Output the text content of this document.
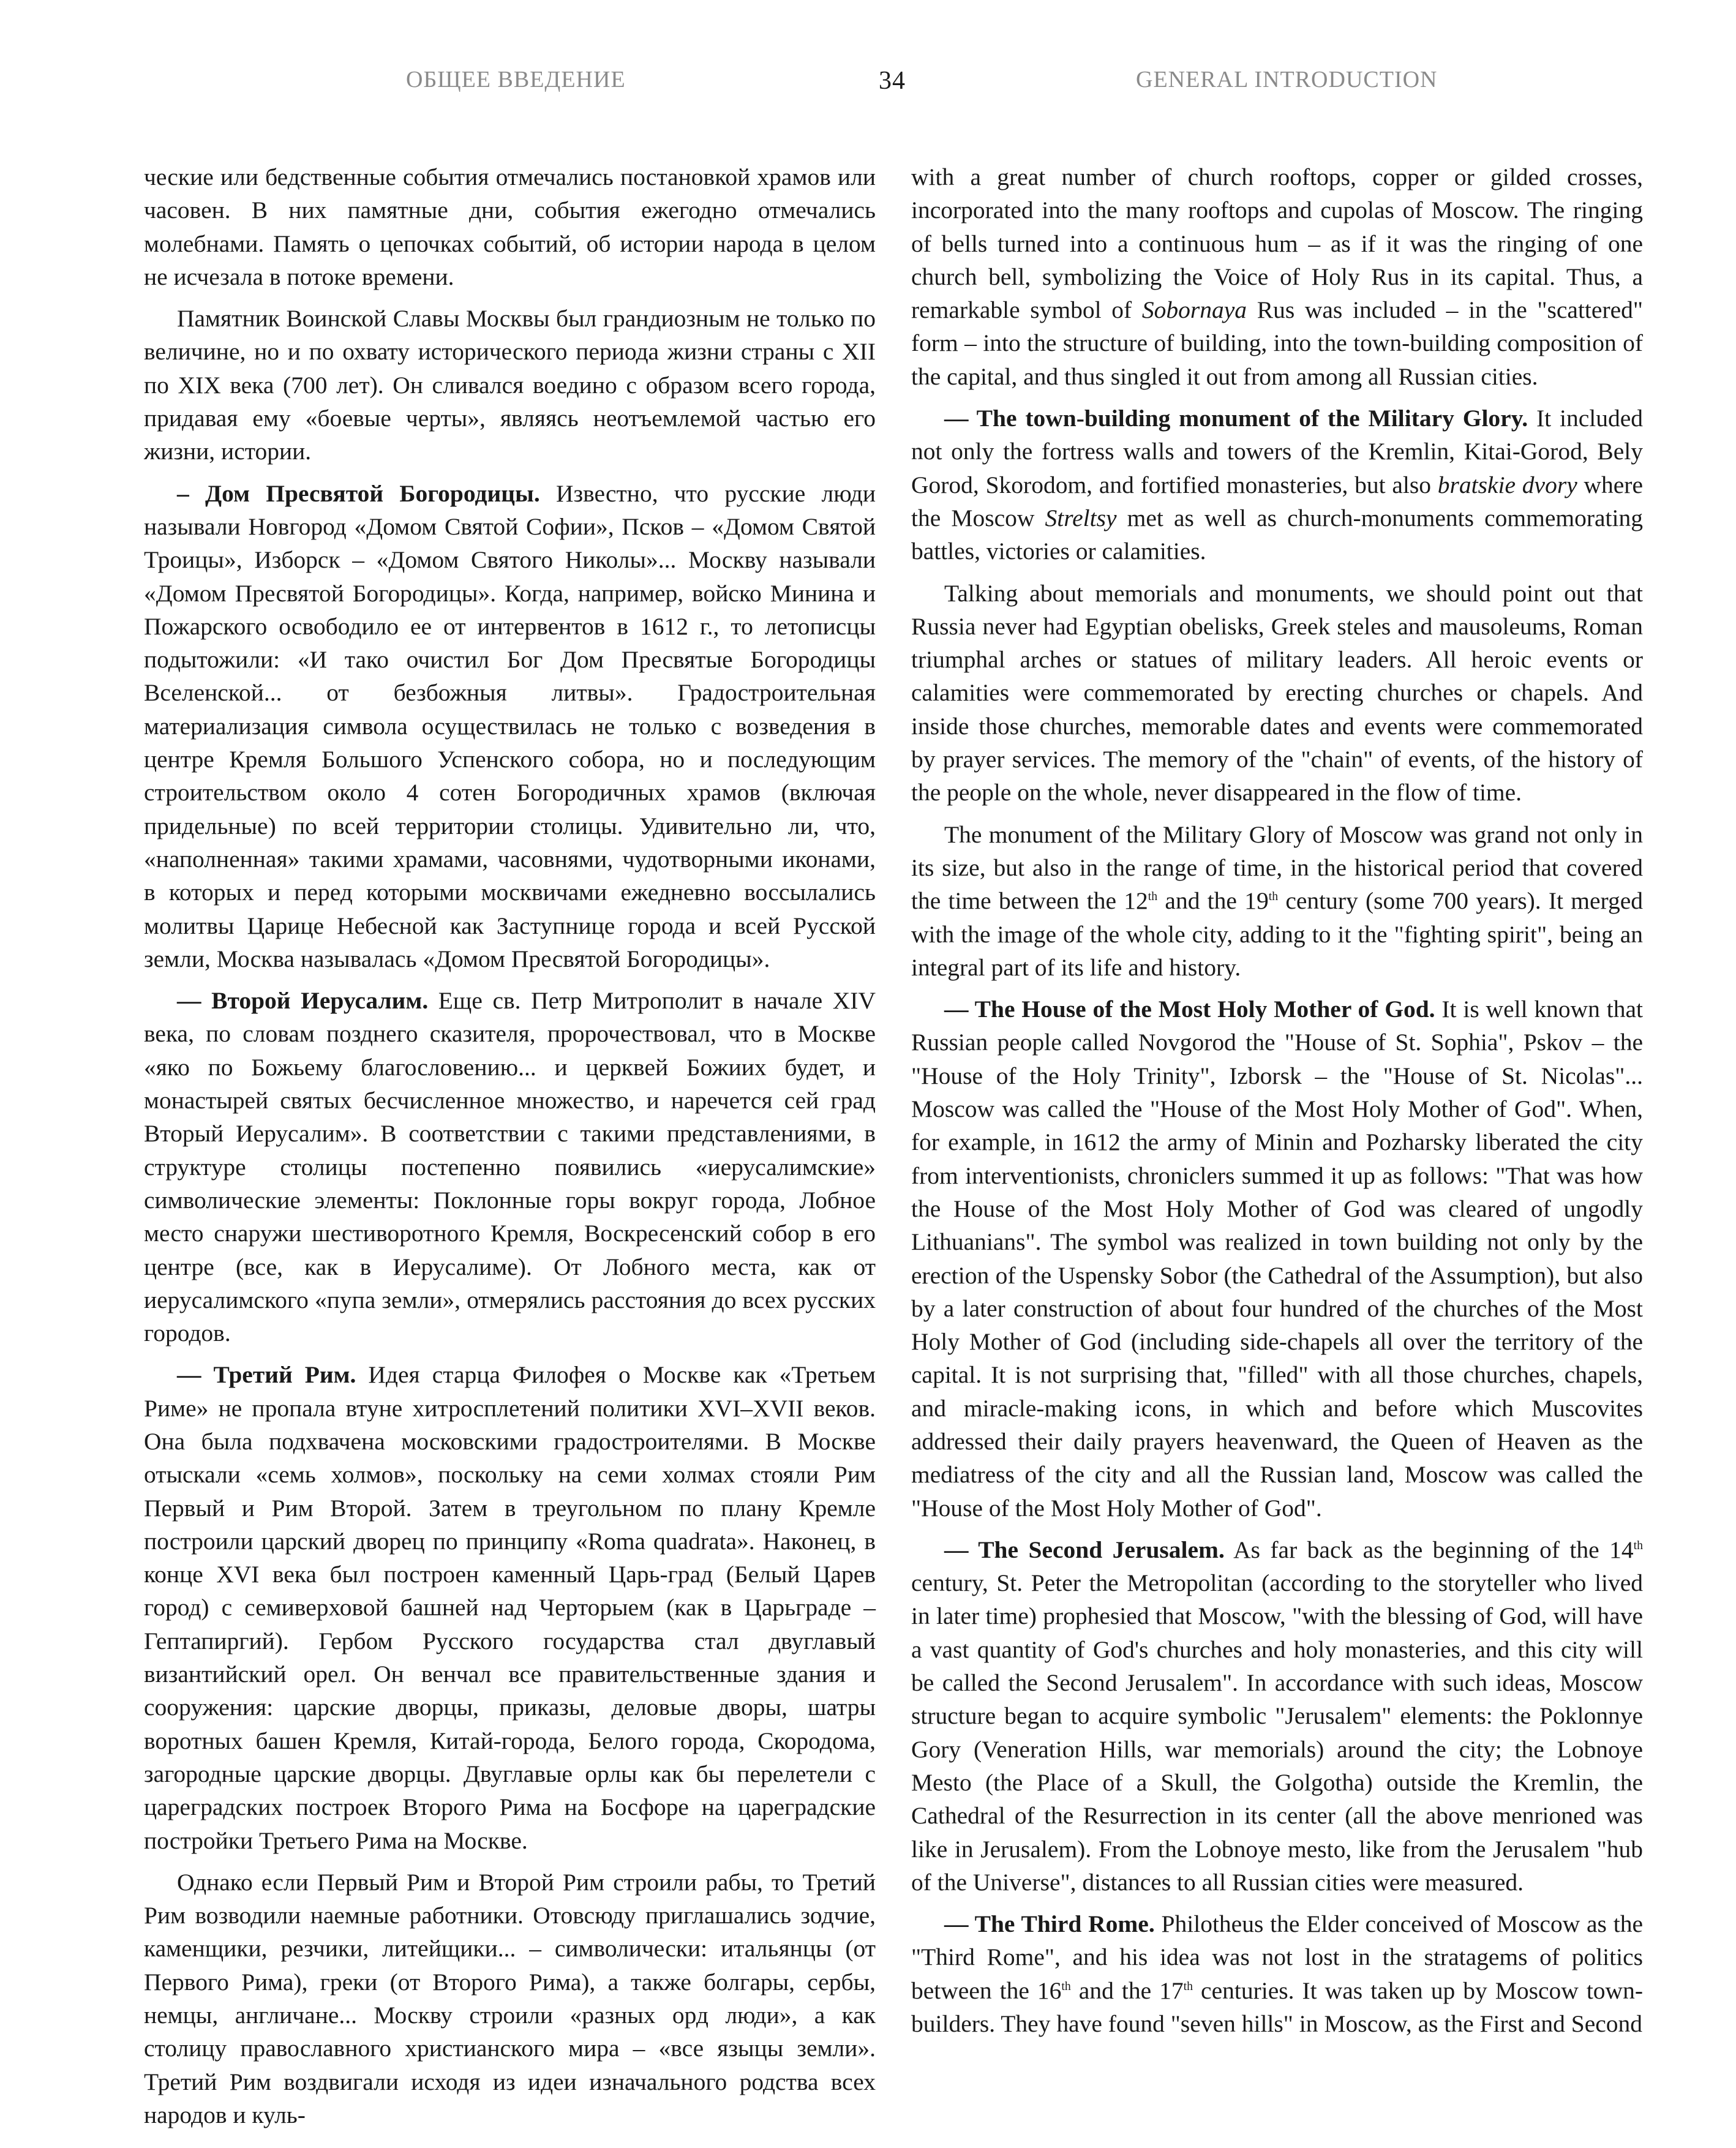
ОБЩЕЕ ВВЕДЕНИЕ	34	GENERAL INTRODUCTION

ческие или бедственные события отмечались постановкой храмов или часовен. В них памятные дни, события ежегодно отмечались молебнами. Память о цепочках событий, об истории народа в целом не исчезала в потоке времени.

Памятник Воинской Славы Москвы был грандиозным не только по величине, но и по охвату исторического периода жизни страны с XII по XIX века (700 лет). Он сливался воедино с образом всего города, придавая ему «боевые черты», являясь неотъемлемой частью его жизни, истории.

– Дом Пресвятой Богородицы. Известно, что русские люди называли Новгород «Домом Святой Софии», Псков – «Домом Святой Троицы», Изборск – «Домом Святого Николы»... Москву называли «Домом Пресвятой Богородицы». Когда, например, войско Минина и Пожарского освободило ее от интервентов в 1612 г., то летописцы подытожили: «И тако очистил Бог Дом Пресвятые Богородицы Вселенской... от безбожныя литвы». Градостроительная материализация символа осуществилась не только с возведения в центре Кремля Большого Успенского собора, но и последующим строительством около 4 сотен Богородичных храмов (включая придельные) по всей территории столицы. Удивительно ли, что, «наполненная» такими храмами, часовнями, чудотворными иконами, в которых и перед которыми москвичами ежедневно воссылались молитвы Царице Небесной как Заступнице города и всей Русской земли, Москва называлась «Домом Пресвятой Богородицы».

— Второй Иерусалим. Еще св. Петр Митрополит в начале XIV века, по словам позднего сказителя, пророчествовал, что в Москве «яко по Божьему благословению... и церквей Божиих будет, и монастырей святых бесчисленное множество, и наречется сей град Вторый Иерусалим». В соответствии с такими представлениями, в структуре столицы постепенно появились «иерусалимские» символические элементы: Поклонные горы вокруг города, Лобное место снаружи шестиворотного Кремля, Воскресенский собор в его центре (все, как в Иерусалиме). От Лобного места, как от иерусалимского «пупа земли», отмерялись расстояния до всех русских городов.

— Третий Рим. Идея старца Филофея о Москве как «Третьем Риме» не пропала втуне хитросплетений политики XVI–XVII веков. Она была подхвачена московскими градостроителями. В Москве отыскали «семь холмов», поскольку на семи холмах стояли Рим Первый и Рим Второй. Затем в треугольном по плану Кремле построили царский дворец по принципу «Roma quadrata». Наконец, в конце XVI века был построен каменный Царь-град (Белый Царев город) с семиверховой башней над Черторыем (как в Царьграде – Гептапиргий). Гербом Русского государства стал двуглавый византийский орел. Он венчал все правительственные здания и сооружения: царские дворцы, приказы, деловые дворы, шатры воротных башен Кремля, Китай-города, Белого города, Скородома, загородные царские дворцы. Двуглавые орлы как бы перелетели с цареградских построек Второго Рима на Босфоре на цареградские постройки Третьего Рима на Москве.

Однако если Первый Рим и Второй Рим строили рабы, то Третий Рим возводили наемные работники. Отовсюду приглашались зодчие, каменщики, резчики, литейщики... – символически: итальянцы (от Первого Рима), греки (от Второго Рима), а также болгары, сербы, немцы, англичане... Москву строили «разных орд люди», а как столицу православного христианского мира – «все языцы земли». Третий Рим воздвигали исходя из идеи изначального родства всех народов и куль-

with a great number of church rooftops, copper or gilded crosses, incorporated into the many rooftops and cupolas of Moscow. The ringing of bells turned into a continuous hum – as if it was the ringing of one church bell, symbolizing the Voice of Holy Rus in its capital. Thus, a remarkable symbol of Sobornaya Rus was included – in the "scattered" form – into the structure of building, into the town-building composition of the capital, and thus singled it out from among all Russian cities.

— The town-building monument of the Military Glory. It included not only the fortress walls and towers of the Kremlin, Kitai-Gorod, Bely Gorod, Skorodom, and fortified monasteries, but also bratskie dvory where the Moscow Streltsy met as well as church-monuments commemorating battles, victories or calamities.

Talking about memorials and monuments, we should point out that Russia never had Egyptian obelisks, Greek steles and mausoleums, Roman triumphal arches or statues of military leaders. All heroic events or calamities were commemorated by erecting churches or chapels. And inside those churches, memorable dates and events were commemorated by prayer services. The memory of the "chain" of events, of the history of the people on the whole, never disappeared in the flow of time.

The monument of the Military Glory of Moscow was grand not only in its size, but also in the range of time, in the historical period that covered the time between the 12th and the 19th century (some 700 years). It merged with the image of the whole city, adding to it the "fighting spirit", being an integral part of its life and history.

— The House of the Most Holy Mother of God. It is well known that Russian people called Novgorod the "House of St. Sophia", Pskov – the "House of the Holy Trinity", Izborsk – the "House of St. Nicolas"... Moscow was called the "House of the Most Holy Mother of God". When, for example, in 1612 the army of Minin and Pozharsky liberated the city from interventionists, chroniclers summed it up as follows: "That was how the House of the Most Holy Mother of God was cleared of ungodly Lithuanians". The symbol was realized in town building not only by the erection of the Uspensky Sobor (the Cathedral of the Assumption), but also by a later construction of about four hundred of the churches of the Most Holy Mother of God (including side-chapels all over the territory of the capital. It is not surprising that, "filled" with all those churches, chapels, and miracle-making icons, in which and before which Muscovites addressed their daily prayers heavenward, the Queen of Heaven as the mediatress of the city and all the Russian land, Moscow was called the "House of the Most Holy Mother of God".

— The Second Jerusalem. As far back as the beginning of the 14th century, St. Peter the Metropolitan (according to the storyteller who lived in later time) prophesied that Moscow, "with the blessing of God, will have a vast quantity of God's churches and holy monasteries, and this city will be called the Second Jerusalem". In accordance with such ideas, Moscow structure began to acquire symbolic "Jerusalem" elements: the Poklonnye Gory (Veneration Hills, war memorials) around the city; the Lobnoye Mesto (the Place of a Skull, the Golgotha) outside the Kremlin, the Cathedral of the Resurrection in its center (all the above menrioned was like in Jerusalem). From the Lobnoye mesto, like from the Jerusalem "hub of the Universe", distances to all Russian cities were measured.

— The Third Rome. Philotheus the Elder conceived of Moscow as the "Third Rome", and his idea was not lost in the stratagems of politics between the 16th and the 17th centuries. It was taken up by Moscow town-builders. They have found "seven hills" in Moscow, as the First and Second
